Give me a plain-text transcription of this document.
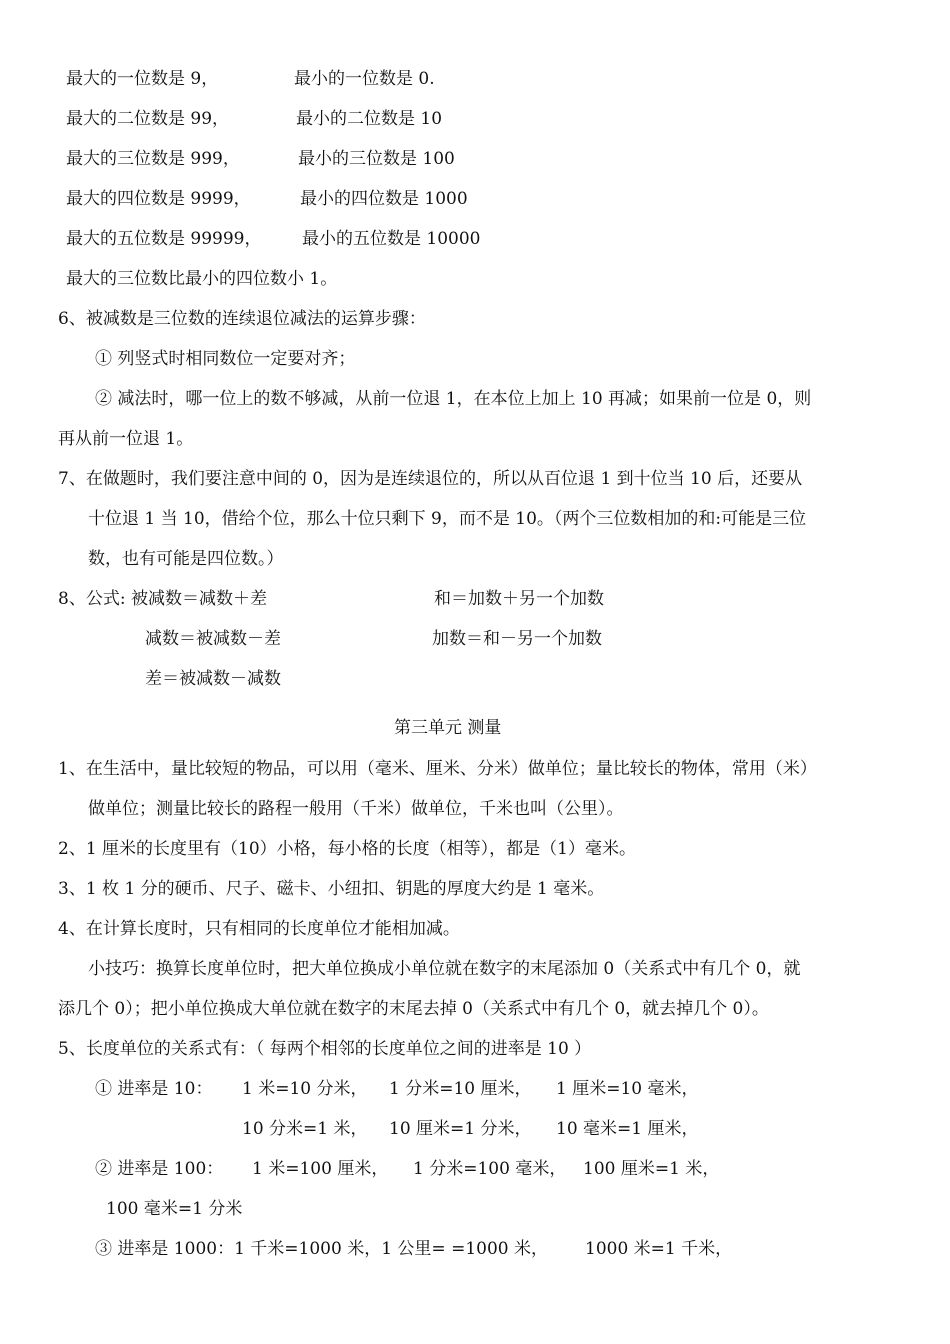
最大的一位数是 9，	最小的一位数是 0.
最大的二位数是 99，	最小的二位数是 10
最大的三位数是 999，	最小的三位数是 100
最大的四位数是 9999，	最小的四位数是 1000
最大的五位数是 99999， 最小的五位数是 10000
最大的三位数比最小的四位数小 1。
6、被减数是三位数的连续退位减法的运算步骤：
① 列竖式时相同数位一定要对齐；
② 减法时，哪一位上的数不够减，从前一位退 1，在本位上加上 10 再减；如果前一位是 0，则
再从前一位退 1。
7、在做题时，我们要注意中间的 0，因为是连续退位的，所以从百位退 1 到十位当 10 后，还要从
十位退 1 当 10，借给个位，那么十位只剩下 9，而不是 10。（两个三位数相加的和:可能是三位
数，也有可能是四位数。）
8、公式: 被减数＝减数＋差	和＝加数＋另一个加数
减数＝被减数－差	加数＝和－另一个加数
差＝被减数－减数
第三单元 测量
1、在生活中，量比较短的物品，可以用（毫米、厘米、分米）做单位；量比较长的物体，常用（米）
做单位；测量比较长的路程一般用（千米）做单位，千米也叫（公里）。
2、1 厘米的长度里有（10）小格，每小格的长度（相等），都是（1）毫米。
3、1 枚 1 分的硬币、尺子、磁卡、小纽扣、钥匙的厚度大约是 1 毫米。
4、在计算长度时，只有相同的长度单位才能相加减。
小技巧：换算长度单位时，把大单位换成小单位就在数字的末尾添加 0（关系式中有几个 0，就
添几个 0）；把小单位换成大单位就在数字的末尾去掉 0（关系式中有几个 0，就去掉几个 0）。
5、长度单位的关系式有：（ 每两个相邻的长度单位之间的进率是 10 ）
① 进率是 10： 1 米=10 分米， 1 分米=10 厘米， 1 厘米=10 毫米，
10 分米=1 米， 10 厘米=1 分米， 10 毫米=1 厘米，
② 进率是 100： 1 米=100 厘米， 1 分米=100 毫米， 100 厘米=1 米，
100 毫米=1 分米
③ 进率是 1000：1 千米=1000 米，1 公里= =1000 米， 1000 米=1 千米，
